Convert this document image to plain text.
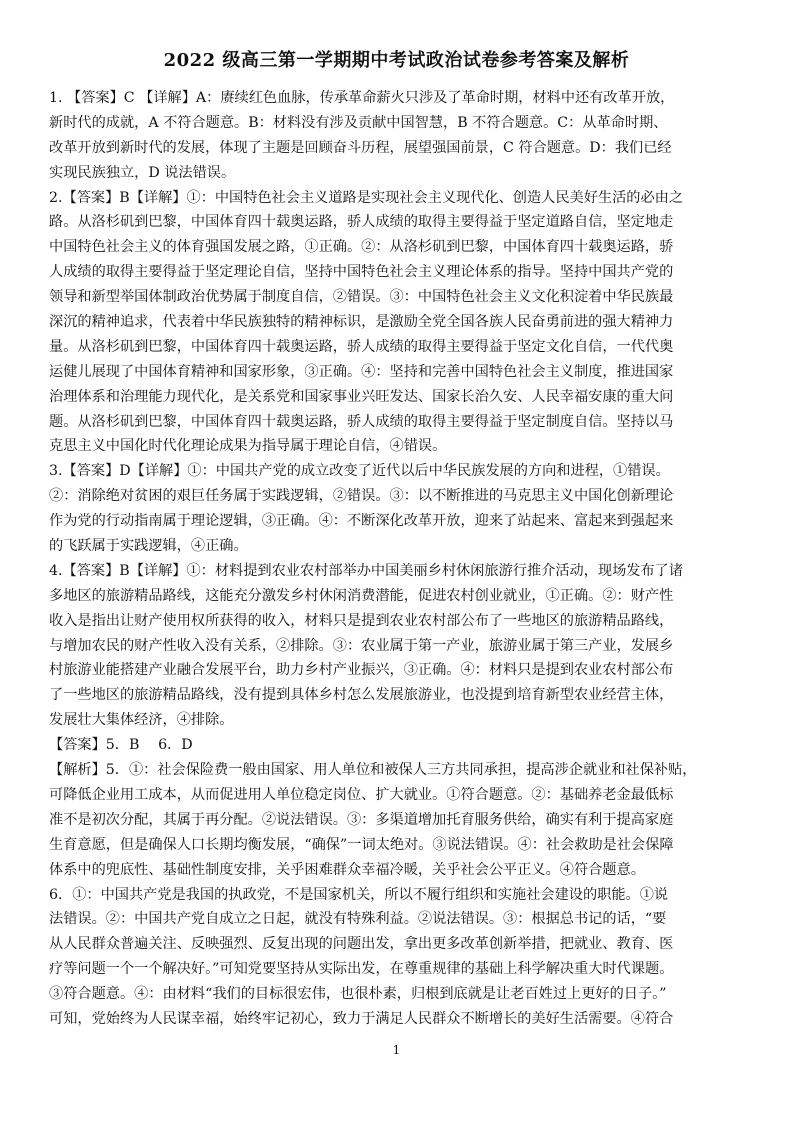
2022 级高三第一学期期中考试政治试卷参考答案及解析
1. 【答案】C 【详解】A：赓续红色血脉，传承革命薪火只涉及了革命时期，材料中还有改革开放，
新时代的成就，A 不符合题意。B：材料没有涉及贡献中国智慧，B 不符合题意。C：从革命时期、
改革开放到新时代的发展，体现了主题是回顾奋斗历程，展望强国前景，C 符合题意。D：我们已经
实现民族独立，D 说法错误。
2.【答案】B【详解】①：中国特色社会主义道路是实现社会主义现代化、创造人民美好生活的必由之
路。从洛杉矶到巴黎，中国体育四十载奥运路，骄人成绩的取得主要得益于坚定道路自信，坚定地走
中国特色社会主义的体育强国发展之路，①正确。②：从洛杉矶到巴黎，中国体育四十载奥运路，骄
人成绩的取得主要得益于坚定理论自信，坚持中国特色社会主义理论体系的指导。坚持中国共产党的
领导和新型举国体制政治优势属于制度自信，②错误。③：中国特色社会主义文化积淀着中华民族最
深沉的精神追求，代表着中华民族独特的精神标识，是激励全党全国各族人民奋勇前进的强大精神力
量。从洛杉矶到巴黎，中国体育四十载奥运路，骄人成绩的取得主要得益于坚定文化自信，一代代奥
运健儿展现了中国体育精神和国家形象，③正确。④：坚持和完善中国特色社会主义制度，推进国家
治理体系和治理能力现代化，是关系党和国家事业兴旺发达、国家长治久安、人民幸福安康的重大问
题。从洛杉矶到巴黎，中国体育四十载奥运路，骄人成绩的取得主要得益于坚定制度自信。坚持以马
克思主义中国化时代化理论成果为指导属于理论自信，④错误。
3.【答案】D【详解】①：中国共产党的成立改变了近代以后中华民族发展的方向和进程，①错误。
②：消除绝对贫困的艰巨任务属于实践逻辑，②错误。③：以不断推进的马克思主义中国化创新理论
作为党的行动指南属于理论逻辑，③正确。④：不断深化改革开放，迎来了站起来、富起来到强起来
的飞跃属于实践逻辑，④正确。
4.【答案】B【详解】①：材料提到农业农村部举办中国美丽乡村休闲旅游行推介活动，现场发布了诸
多地区的旅游精品路线，这能充分激发乡村休闲消费潜能，促进农村创业就业，①正确。②：财产性
收入是指出让财产使用权所获得的收入，材料只是提到农业农村部公布了一些地区的旅游精品路线，
与增加农民的财产性收入没有关系，②排除。③：农业属于第一产业，旅游业属于第三产业，发展乡
村旅游业能搭建产业融合发展平台，助力乡村产业振兴，③正确。④：材料只是提到农业农村部公布
了一些地区的旅游精品路线，没有提到具体乡村怎么发展旅游业，也没提到培育新型农业经营主体，
发展壮大集体经济，④排除。
【答案】5．B　 6．D
【解析】5．①：社会保险费一般由国家、用人单位和被保人三方共同承担，提高涉企就业和社保补贴，
可降低企业用工成本，从而促进用人单位稳定岗位、扩大就业。①符合题意。②：基础养老金最低标
准不是初次分配，其属于再分配。②说法错误。③：多渠道增加托育服务供给，确实有利于提高家庭
生育意愿，但是确保人口长期均衡发展，“确保”一词太绝对。③说法错误。④：社会救助是社会保障
体系中的兜底性、基础性制度安排，关乎困难群众幸福冷暖，关乎社会公平正义。④符合题意。
6．①：中国共产党是我国的执政党，不是国家机关，所以不履行组织和实施社会建设的职能。①说
法错误。②：中国共产党自成立之日起，就没有特殊利益。②说法错误。③：根据总书记的话，“要
从人民群众普遍关注、反映强烈、反复出现的问题出发，拿出更多改革创新举措，把就业、教育、医
疗等问题一个一个解决好。”可知党要坚持从实际出发，在尊重规律的基础上科学解决重大时代课题。
③符合题意。④：由材料“我们的目标很宏伟，也很朴素，归根到底就是让老百姓过上更好的日子。”
可知，党始终为人民谋幸福，始终牢记初心，致力于满足人民群众不断增长的美好生活需要。④符合
1
